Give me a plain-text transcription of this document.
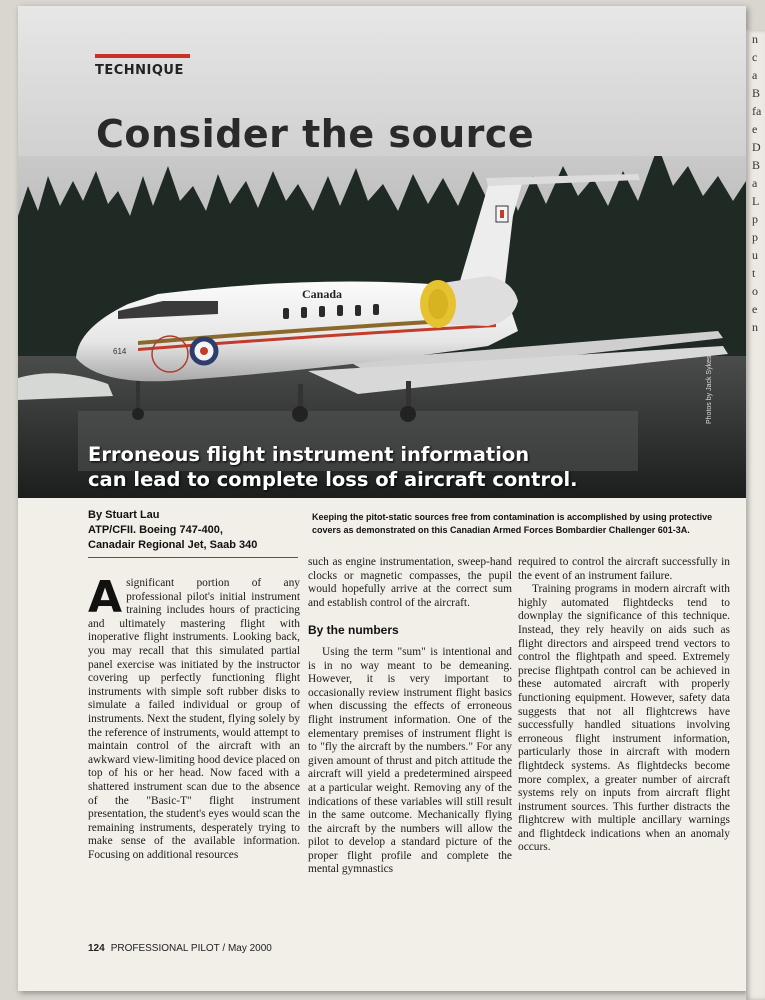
TECHNIQUE
Consider the source
Canada
614
Erroneous flight instrument information
can lead to complete loss of aircraft control.
Photos by Jack Sykes
By Stuart Lau
ATP/CFII. Boeing 747-400,
Canadair Regional Jet, Saab 340
Keeping the pitot-static sources free from contamination is accomplished by using protective covers as demonstrated on this Canadian Armed Forces Bombardier Challenger 601-3A.
A significant portion of any professional pilot's initial instrument training includes hours of practicing and ultimately mastering flight with inoperative flight instruments. Looking back, you may recall that this simulated partial panel exercise was initiated by the instructor covering up perfectly functioning flight instruments with simple soft rubber disks to simulate a failed individual or group of instruments. Next the student, flying solely by the reference of instruments, would attempt to maintain control of the aircraft with an awkward view-limiting hood device placed on top of his or her head. Now faced with a shattered instrument scan due to the absence of the "Basic-T" flight instrument presentation, the student's eyes would scan the remaining instruments, desperately trying to make sense of the available information. Focusing on additional resources

such as engine instrumentation, sweep-hand clocks or magnetic compasses, the pupil would hopefully arrive at the correct sum and establish control of the aircraft.

By the numbers

Using the term "sum" is intentional and is in no way meant to be demeaning. However, it is very important to occasionally review instrument flight basics when discussing the effects of erroneous flight instrument information. One of the elementary premises of instrument flight is to "fly the aircraft by the numbers." For any given amount of thrust and pitch attitude the aircraft will yield a predetermined airspeed at a particular weight. Removing any of the indications of these variables will still result in the same outcome. Mechanically flying the aircraft by the numbers will allow the pilot to develop a standard picture of the proper flight profile and complete the mental gymnastics

required to control the aircraft successfully in the event of an instrument failure.

Training programs in modern aircraft with highly automated flightdecks tend to downplay the significance of this technique. Instead, they rely heavily on aids such as flight directors and airspeed trend vectors to control the flightpath and speed. Extremely precise flightpath control can be achieved in these automated aircraft with properly functioning equipment. However, safety data suggests that not all flightcrews have successfully handled situations involving erroneous flight instrument information, particularly those in aircraft with modern flightdeck systems. As flightdecks become more complex, a greater number of aircraft systems rely on inputs from aircraft flight instrument sources. This further distracts the flightcrew with multiple ancillary warnings and flightdeck indications when an anomaly occurs.

124 PROFESSIONAL PILOT / May 2000
n
c
a
B
fa
e
D
B
a
L
p
p
u
t
o
e
n
